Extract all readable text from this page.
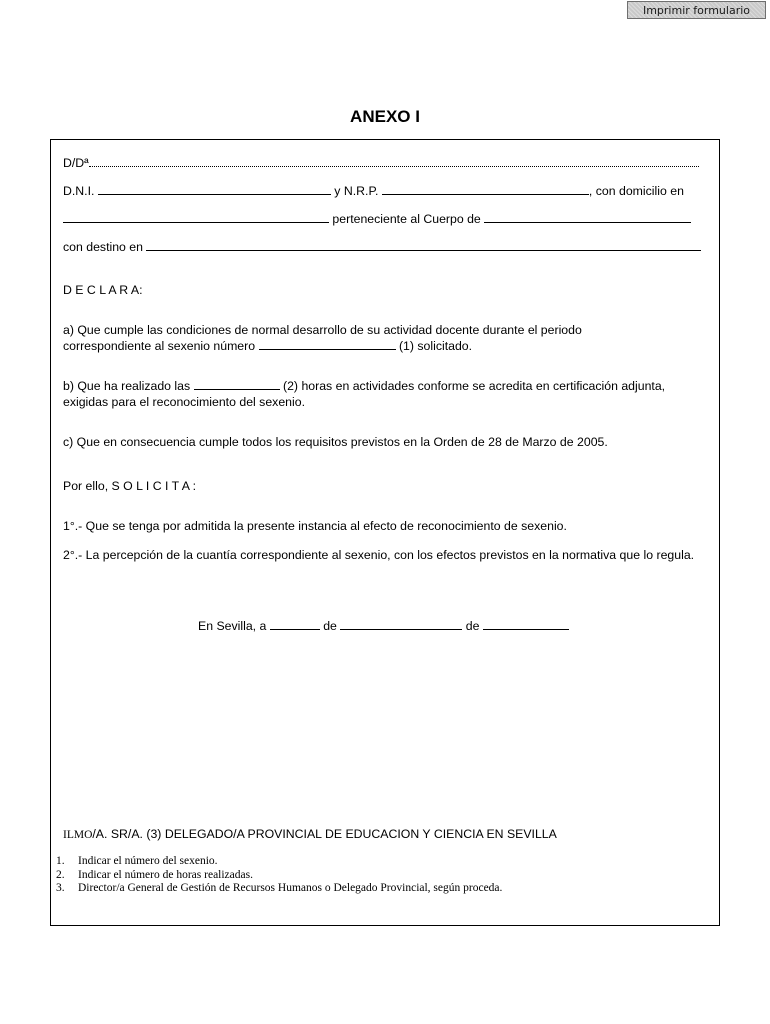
Imprimir formulario
ANEXO I
D/Dª
D.N.I.	y N.R.P.	, con domicilio en
perteneciente al Cuerpo de
con destino en
D E C L A R A:
a) Que cumple las condiciones de normal desarrollo de su actividad docente durante el periodo
correspondiente al sexenio número	(1) solicitado.
b) Que ha realizado las	(2) horas en actividades conforme se acredita en certificación adjunta,
exigidas para el reconocimiento del sexenio.
c) Que en consecuencia cumple todos los requisitos previstos en la Orden de 28 de Marzo de 2005.
Por ello, S O L I C I T A :
1°.- Que se tenga por admitida la presente instancia al efecto de reconocimiento de sexenio.
2°.- La percepción de la cuantía correspondiente al sexenio, con los efectos previstos en la normativa que lo regula.
En Sevilla, a	de	de
ILMO/A. SR/A. (3) DELEGADO/A PROVINCIAL DE EDUCACION Y CIENCIA EN SEVILLA
1. Indicar el número del sexenio.
2. Indicar el número de horas realizadas.
3. Director/a General de Gestión de Recursos Humanos o Delegado Provincial, según proceda.
